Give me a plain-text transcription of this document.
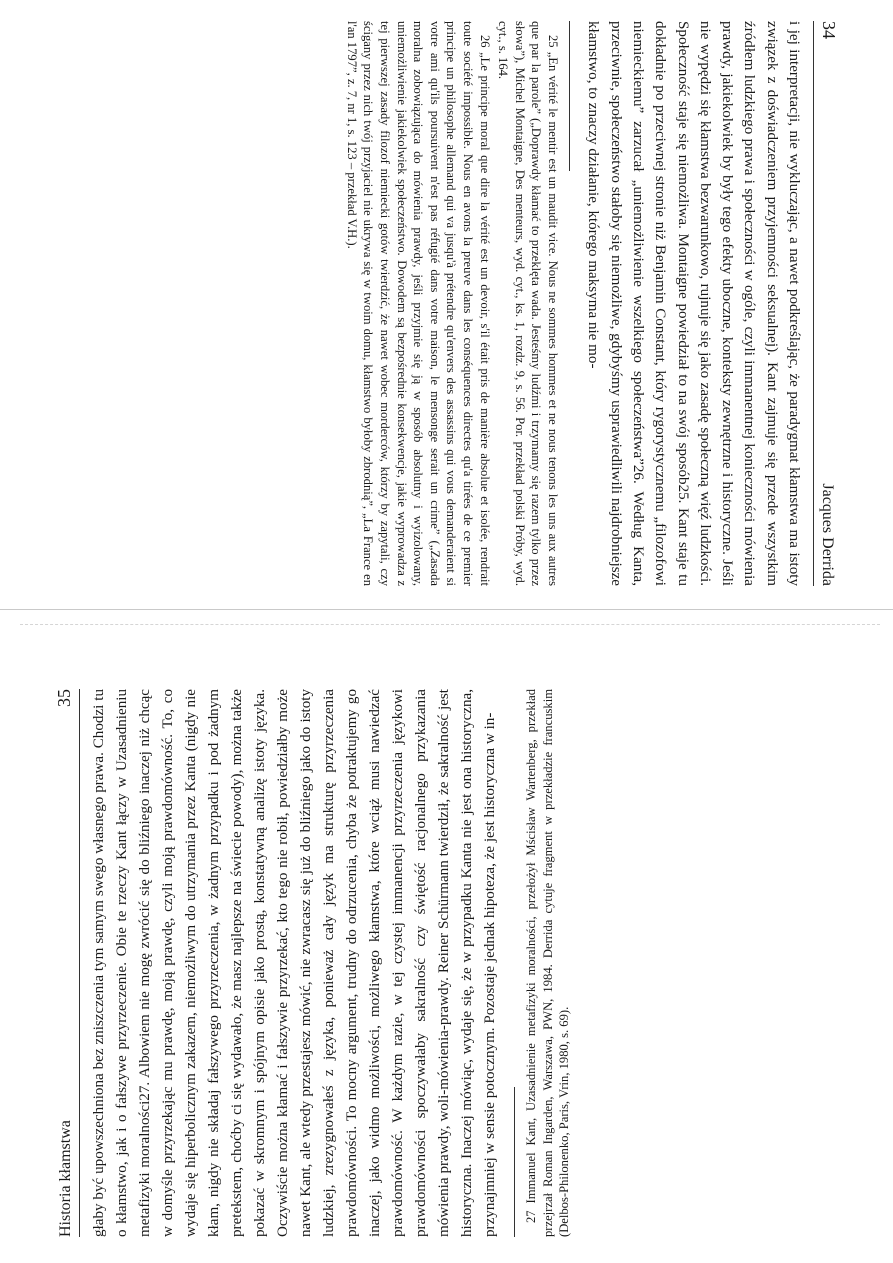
34
Jacques Derrida

i jej interpretacji, nie wykluczając, a nawet podkreślając, że paradygmat kłamstwa ma istoty związek z doświadczeniem przyjemności seksualnej). Kant zajmuje się przede wszystkim źródłem ludzkiego prawa i społeczności w ogóle, czyli immanentnej konieczności mówienia prawdy, jakiekolwiek by były tego efekty uboczne, konteksty zewnętrzne i historyczne. Jeśli nie wypędzi się kłamstwa bezwarunkowo, rujnuje się jako zasadę społeczną więź ludzkości. Społeczność staje się niemożliwa. Montaigne powiedział to na swój sposób25. Kant staje tu dokładnie po przeciwnej stronie niż Benjamin Constant, który rygorystycznemu „filozofowi niemieckiemu” zarzucał „uniemożliwienie wszelkiego społeczeństwa”26. Według Kanta, przeciwnie, społeczeństwo stałoby się niemożliwe, gdybyśmy usprawiedliwili najdrobniejsze kłamstwo, to znaczy działanie, którego maksyma nie mo-

25 „En vérité le mentir est un maudit vice. Nous ne sommes hommes et ne nous tenons les uns aux autres que par la parole” („Doprawdy kłamać to przeklęta wada. Jesteśmy ludźmi i trzymamy się razem tylko przez słowa”), Michel Montaigne, Des menteurs, wyd. cyt., ks. 1, rozdz. 9, s. 56. Por. przekład polski Próby, wyd. cyt., s. 164.

26 „Le principe moral que dire la vérité est un devoir, s'il était pris de manière absolue et isolée, rendrait toute société impossible. Nous en avons la preuve dans les conséquences directes qu'a tirées de ce premier principe un philosophe allemand qui va jusqu'à prétendre qu'envers des assassins qui vous demanderaient si votre ami qu'ils poursuivent n'est pas réfugié dans votre maison, le mensonge serait un crime” („Zasada moralna zobowiązująca do mówienia prawdy, jeśli przyjmie się ją w sposób absolutny i wyizolowany, uniemożliwienie jakiekolwiek społeczeństwo. Dowodem są bezpośrednie konsekwencje, jakie wyprowadza z tej pierwszej zasady filozof niemiecki gotów twierdzić, że nawet wobec morderców, którzy by zapytali, czy ścigany przez nich twój przyjaciel nie ukrywa się w twoim domu, kłamstwo byłoby zbrodnią”, „La France en l'an 1797”, z. 7, nr 1, s. 123 – przekład V.H.).

Historia kłamstwa
35 głaby być upowszechniona bez zniszczenia tym samym swego własnego prawa. Chodzi tu o kłamstwo, jak i o fałszywe przyrzeczenie. Obie te rzeczy Kant łączy w Uzasadnieniu metafizyki moralności27. Albowiem nie mogę zwrócić się do bliźniego inaczej niż chcąc w domyśle przyrzekając mu prawdę, moją prawdę, czyli moją prawdomówność. To, co wydaje się hiperbolicznym zakazem, niemożliwym do utrzymania przez Kanta (nigdy nie kłam, nigdy nie składaj fałszywego przyrzeczenia, w żadnym przypadku i pod żadnym pretekstem, choćby ci się wydawało, że masz najlepsze na świecie powody), można także pokazać w skromnym i spójnym opisie jako prostą, konstatywną analizę istoty języka. Oczywiście można kłamać i fałszywie przyrzekać, kto tego nie robił, powiedziałby może nawet Kant, ale wtedy przestajesz mówić, nie zwracasz się już do bliźniego jako do istoty ludzkiej, zrezygnowałeś z języka, ponieważ cały język ma strukturę przyrzeczenia prawdomówności. To mocny argument, trudny do odrzucenia, chyba że potraktujemy go inaczej, jako widmo możliwości, możliwego kłamstwa, które wciąż musi nawiedzać prawdomówność. W każdym razie, w tej czystej immanencji przyrzeczenia językowi prawdomówności spoczywałaby sakralność czy świętość racjonalnego przykazania mówienia prawdy, woli-mówienia-prawdy. Reiner Schürmann twierdził, że sakralność jest historyczna. Inaczej mówiąc, wydaje się, że w przypadku Kanta nie jest ona historyczna, przynajmniej w sensie potocznym. Pozostaje jednak hipoteza, że jest historyczna w in-	27 Immanuel Kant, Uzasadnienie metafizyki moralności, przełożył Mścisław Wartenberg, przekład przejrzał Roman Ingarden, Warszawa, PWN, 1984. Derrida cytuje fragment w przekładzie francuskim (Delbos-Philonenko, Paris, Vrin, 1980, s. 69).
